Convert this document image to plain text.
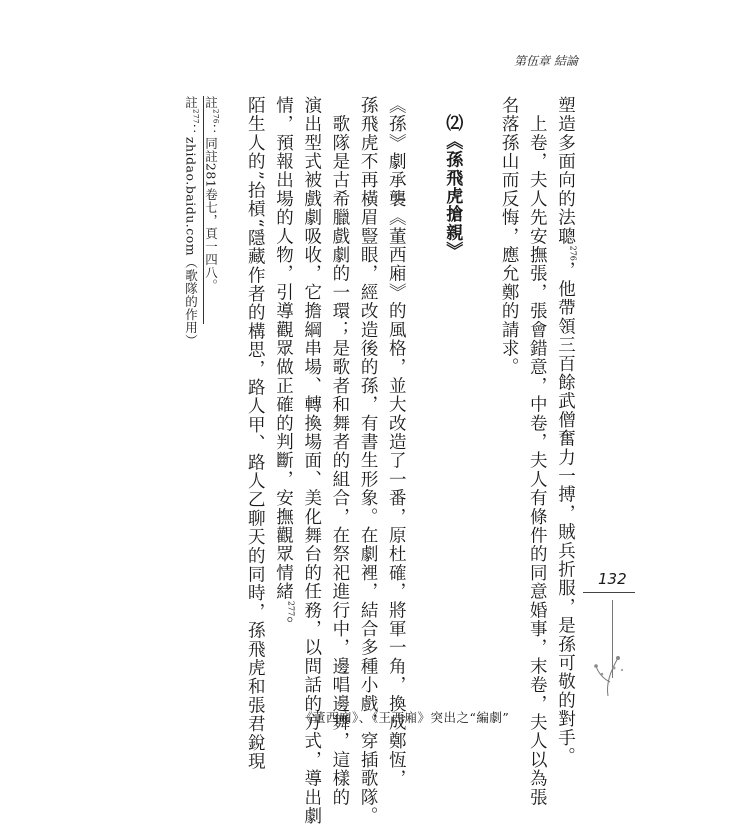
第伍章 結論
132
塑造多面向的法聰$^{276}$，他帶領三百餘武僧奮力一搏，賊兵折服，是孫可敬的對手。
　上卷，夫人先安撫張，張會錯意，中卷，夫人有條件的同意婚事，末卷，夫人以為張
名落孫山而反悔，應允鄭的請求。
　⑵《孫飛虎搶親》
《孫》劇承襲《董西廂》的風格，並大改造了一番，原杜確，將軍一角，換成鄭恆，
孫飛虎不再橫眉豎眼，經改造後的孫，有書生形象。在劇裡，結合多種小戲，穿插歌隊。
　歌隊是古希臘戲劇的一環；是歌者和舞者的組合，在祭祀進行中，邊唱邊舞，這樣的
演出型式被戲劇吸收，它擔綱串場、轉換場面、美化舞台的任務，以問話的方式，導出劇
情，預報出場的人物，引導觀眾做正確的判斷，安撫觀眾情緒$^{277}$。
陌生人的”抬槓“隱藏作者的構思，路人甲、路人乙聊天的同時，孫飛虎和張君銳現
註$^{276}$：同註281卷七，頁一四八。
註$^{277}$：zhidao.baidu.com（歌隊的作用）
《董西廂》、《王西廂》突出之“編劇”
